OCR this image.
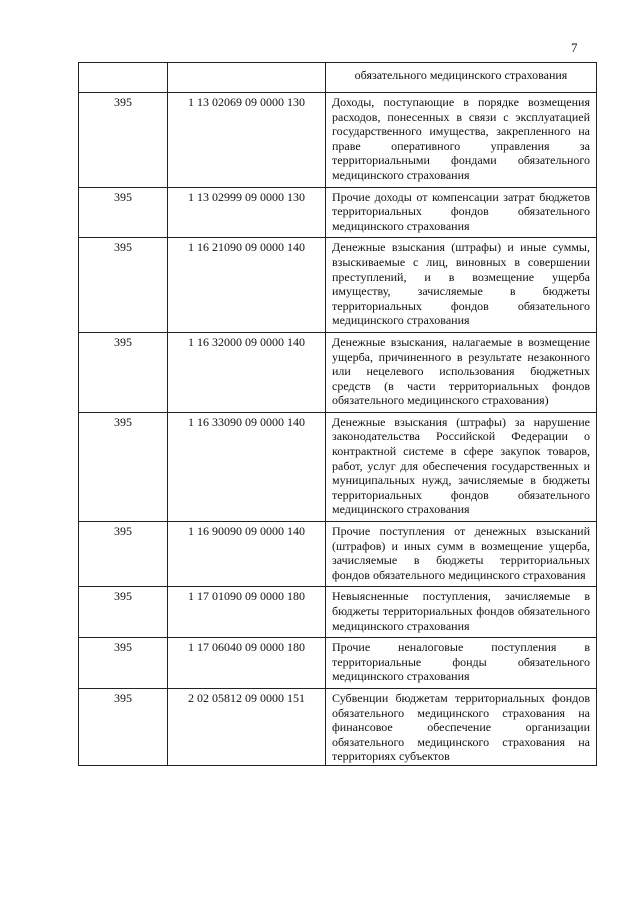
7
		обязательного медицинского страхования
395	1 13 02069 09 0000 130	Доходы, поступающие в порядке возмещения расходов, понесенных в связи с эксплуатацией государственного имущества, закрепленного на праве оперативного управления за территориальными фондами обязательного медицинского страхования
395	1 13 02999 09 0000 130	Прочие доходы от компенсации затрат бюджетов территориальных фондов обязательного медицинского страхования
395	1 16 21090 09 0000 140	Денежные взыскания (штрафы) и иные суммы, взыскиваемые с лиц, виновных в совершении преступлений, и в возмещение ущерба имуществу, зачисляемые в бюджеты территориальных фондов обязательного медицинского страхования
395	1 16 32000 09 0000 140	Денежные взыскания, налагаемые в возмещение ущерба, причиненного в результате незаконного или нецелевого использования бюджетных средств (в части территориальных фондов обязательного медицинского страхования)
395	1 16 33090 09 0000 140	Денежные взыскания (штрафы) за нарушение законодательства Российской Федерации о контрактной системе в сфере закупок товаров, работ, услуг для обеспечения государственных и муниципальных нужд, зачисляемые в бюджеты территориальных фондов обязательного медицинского страхования
395	1 16 90090 09 0000 140	Прочие поступления от денежных взысканий (штрафов) и иных сумм в возмещение ущерба, зачисляемые в бюджеты территориальных фондов обязательного медицинского страхования
395	1 17 01090 09 0000 180	Невыясненные поступления, зачисляемые в бюджеты территориальных фондов обязательного медицинского страхования
395	1 17 06040 09 0000 180	Прочие неналоговые поступления в территориальные фонды обязательного медицинского страхования
395	2 02 05812 09 0000 151	Субвенции бюджетам территориальных фондов обязательного медицинского страхования на финансовое обеспечение организации обязательного медицинского страхования на территориях субъектов
